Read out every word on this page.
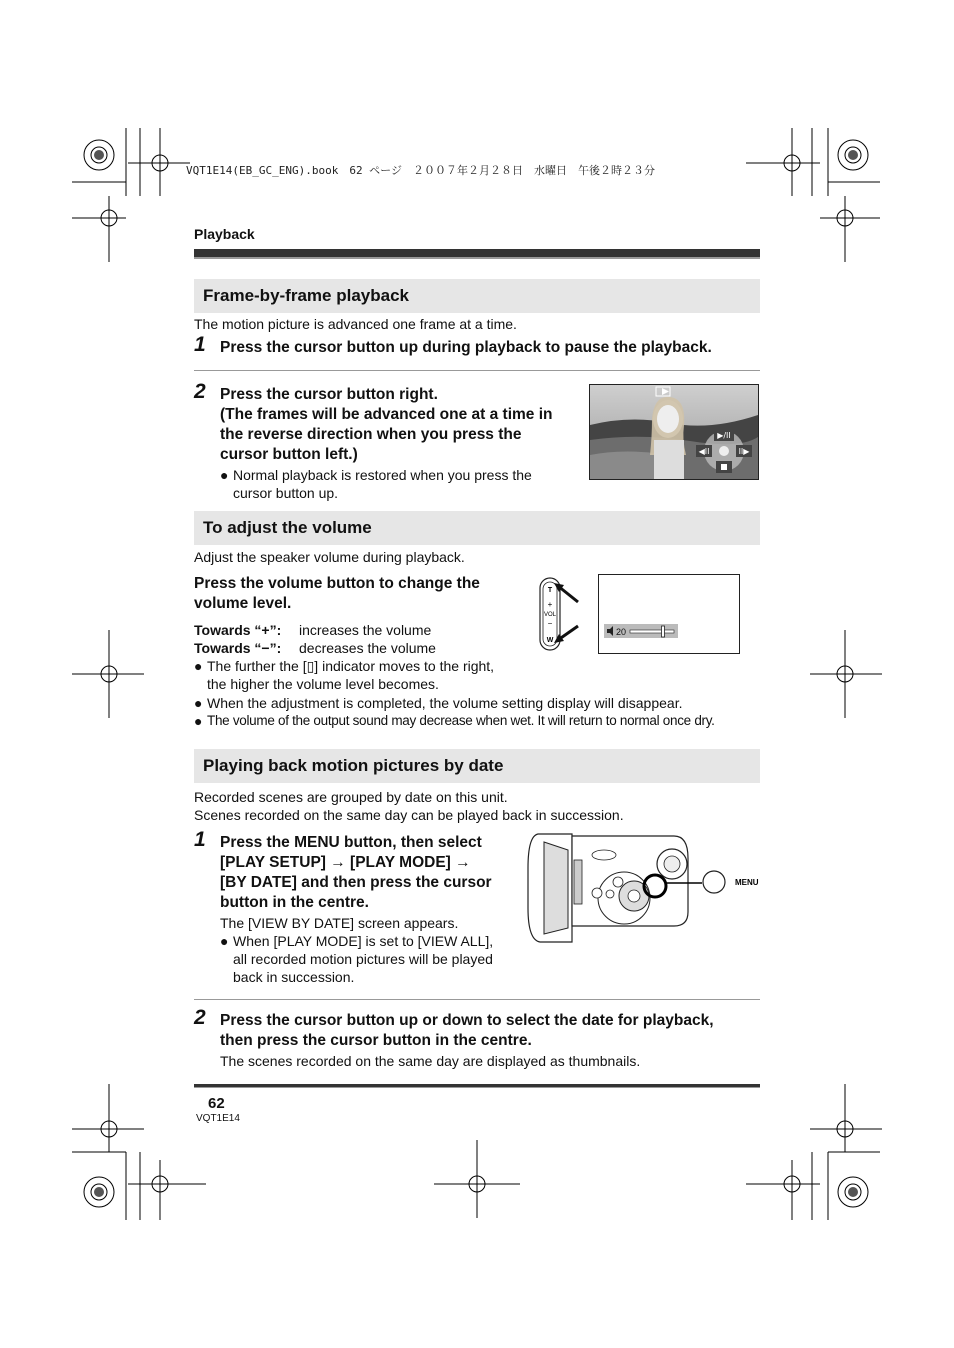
VQT1E14(EB_GC_ENG).book　62 ページ　２００７年２月２８日　水曜日　午後２時２３分
Playback
Frame-by-frame playback
The motion picture is advanced one frame at a time.
1 Press the cursor button up during playback to pause the playback.
2 Press the cursor button right.
(The frames will be advanced one at a time in
the reverse direction when you press the
cursor button left.)
● Normal playback is restored when you press the
cursor button up.
▶/II
◀II	II▶
To adjust the volume
Adjust the speaker volume during playback.
Press the volume button to change the
volume level.
Towards “+”: increases the volume
Towards “−”: decreases the volume
● The further the [▯] indicator moves to the right,
the higher the volume level becomes.
● When the adjustment is completed, the volume setting display will disappear.
● The volume of the output sound may decrease when wet. It will return to normal once dry.
T
+
VOL
−
W
20
Playing back motion pictures by date
Recorded scenes are grouped by date on this unit.
Scenes recorded on the same day can be played back in succession.
1 Press the MENU button, then select
[PLAY SETUP] → [PLAY MODE] →
[BY DATE] and then press the cursor
button in the centre.
The [VIEW BY DATE] screen appears.
● When [PLAY MODE] is set to [VIEW ALL],
all recorded motion pictures will be played
back in succession.
MENU
2 Press the cursor button up or down to select the date for playback,
then press the cursor button in the centre.
The scenes recorded on the same day are displayed as thumbnails.
62
VQT1E14
